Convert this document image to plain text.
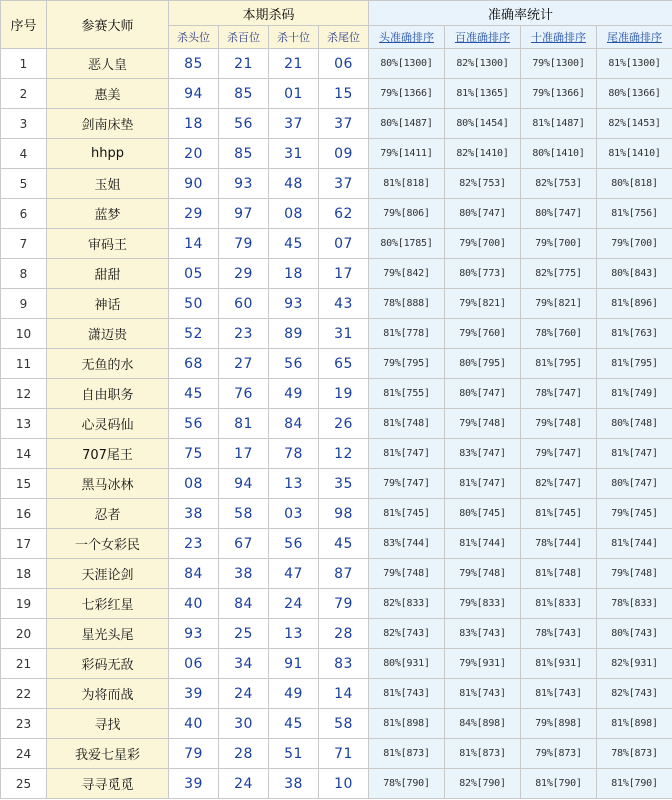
序号	参赛大师	本期杀码				准确率统计			
		杀头位	杀百位	杀十位	杀尾位	头准确排序	百准确排序	十准确排序	尾准确排序
1	恶人皇	85	21	21	06	80%[1300]	82%[1300]	79%[1300]	81%[1300]
2	惠美	94	85	01	15	79%[1366]	81%[1365]	79%[1366]	80%[1366]
3	剑南床垫	18	56	37	37	80%[1487]	80%[1454]	81%[1487]	82%[1453]
4	hhpp	20	85	31	09	79%[1411]	82%[1410]	80%[1410]	81%[1410]
5	玉姐	90	93	48	37	81%[818]	82%[753]	82%[753]	80%[818]
6	蓝梦	29	97	08	62	79%[806]	80%[747]	80%[747]	81%[756]
7	审码王	14	79	45	07	80%[1785]	79%[700]	79%[700]	79%[700]
8	甜甜	05	29	18	17	79%[842]	80%[773]	82%[775]	80%[843]
9	神话	50	60	93	43	78%[888]	79%[821]	79%[821]	81%[896]
10	潇迈贵	52	23	89	31	81%[778]	79%[760]	78%[760]	81%[763]
11	无鱼的水	68	27	56	65	79%[795]	80%[795]	81%[795]	81%[795]
12	自由职务	45	76	49	19	81%[755]	80%[747]	78%[747]	81%[749]
13	心灵码仙	56	81	84	26	81%[748]	79%[748]	79%[748]	80%[748]
14	707尾王	75	17	78	12	81%[747]	83%[747]	79%[747]	81%[747]
15	黑马冰林	08	94	13	35	79%[747]	81%[747]	82%[747]	80%[747]
16	忍者	38	58	03	98	81%[745]	80%[745]	81%[745]	79%[745]
17	一个女彩民	23	67	56	45	83%[744]	81%[744]	78%[744]	81%[744]
18	天涯论剑	84	38	47	87	79%[748]	79%[748]	81%[748]	79%[748]
19	七彩红星	40	84	24	79	82%[833]	79%[833]	81%[833]	78%[833]
20	星光头尾	93	25	13	28	82%[743]	83%[743]	78%[743]	80%[743]
21	彩码无敌	06	34	91	83	80%[931]	79%[931]	81%[931]	82%[931]
22	为将而战	39	24	49	14	81%[743]	81%[743]	81%[743]	82%[743]
23	寻找	40	30	45	58	81%[898]	84%[898]	79%[898]	81%[898]
24	我爱七星彩	79	28	51	71	81%[873]	81%[873]	79%[873]	78%[873]
25	寻寻觅觅	39	24	38	10	78%[790]	82%[790]	81%[790]	81%[790]
